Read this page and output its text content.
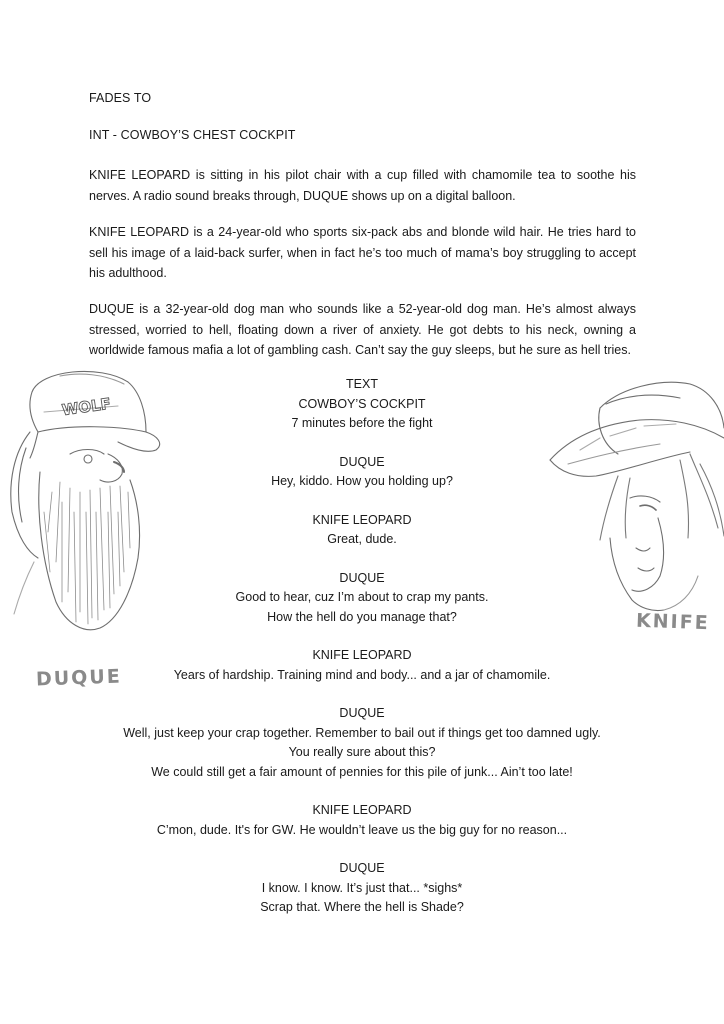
FADES TO
INT - COWBOY’S CHEST COCKPIT

KNIFE LEOPARD is sitting in his pilot chair with a cup filled with chamomile tea to soothe his nerves. A radio sound breaks through, DUQUE shows up on a digital balloon.

KNIFE LEOPARD is a 24-year-old who sports six-pack abs and blonde wild hair. He tries hard to sell his image of a laid-back surfer, when in fact he’s too much of mama’s boy struggling to accept his adulthood.

DUQUE is a 32-year-old dog man who sounds like a 52-year-old dog man. He’s almost always stressed, worried to hell, floating down a river of anxiety. He got debts to his neck, owning a worldwide famous mafia a lot of gambling cash. Can’t say the guy sleeps, but he sure as hell tries.

WOLF
DUQUE
KNIFE
TEXT
COWBOY’S COCKPIT
7 minutes before the fight
DUQUE
Hey, kiddo. How you holding up?
KNIFE LEOPARD
Great, dude.
DUQUE
Good to hear, cuz I’m about to crap my pants.
How the hell do you manage that?
KNIFE LEOPARD
Years of hardship. Training mind and body... and a jar of chamomile.
DUQUE
Well, just keep your crap together. Remember to bail out if things get too damned ugly.
You really sure about this?
We could still get a fair amount of pennies for this pile of junk... Ain’t too late!
KNIFE LEOPARD
C’mon, dude. It's for GW. He wouldn’t leave us the big guy for no reason...
DUQUE
I know. I know. It’s just that... *sighs*
Scrap that. Where the hell is Shade?
